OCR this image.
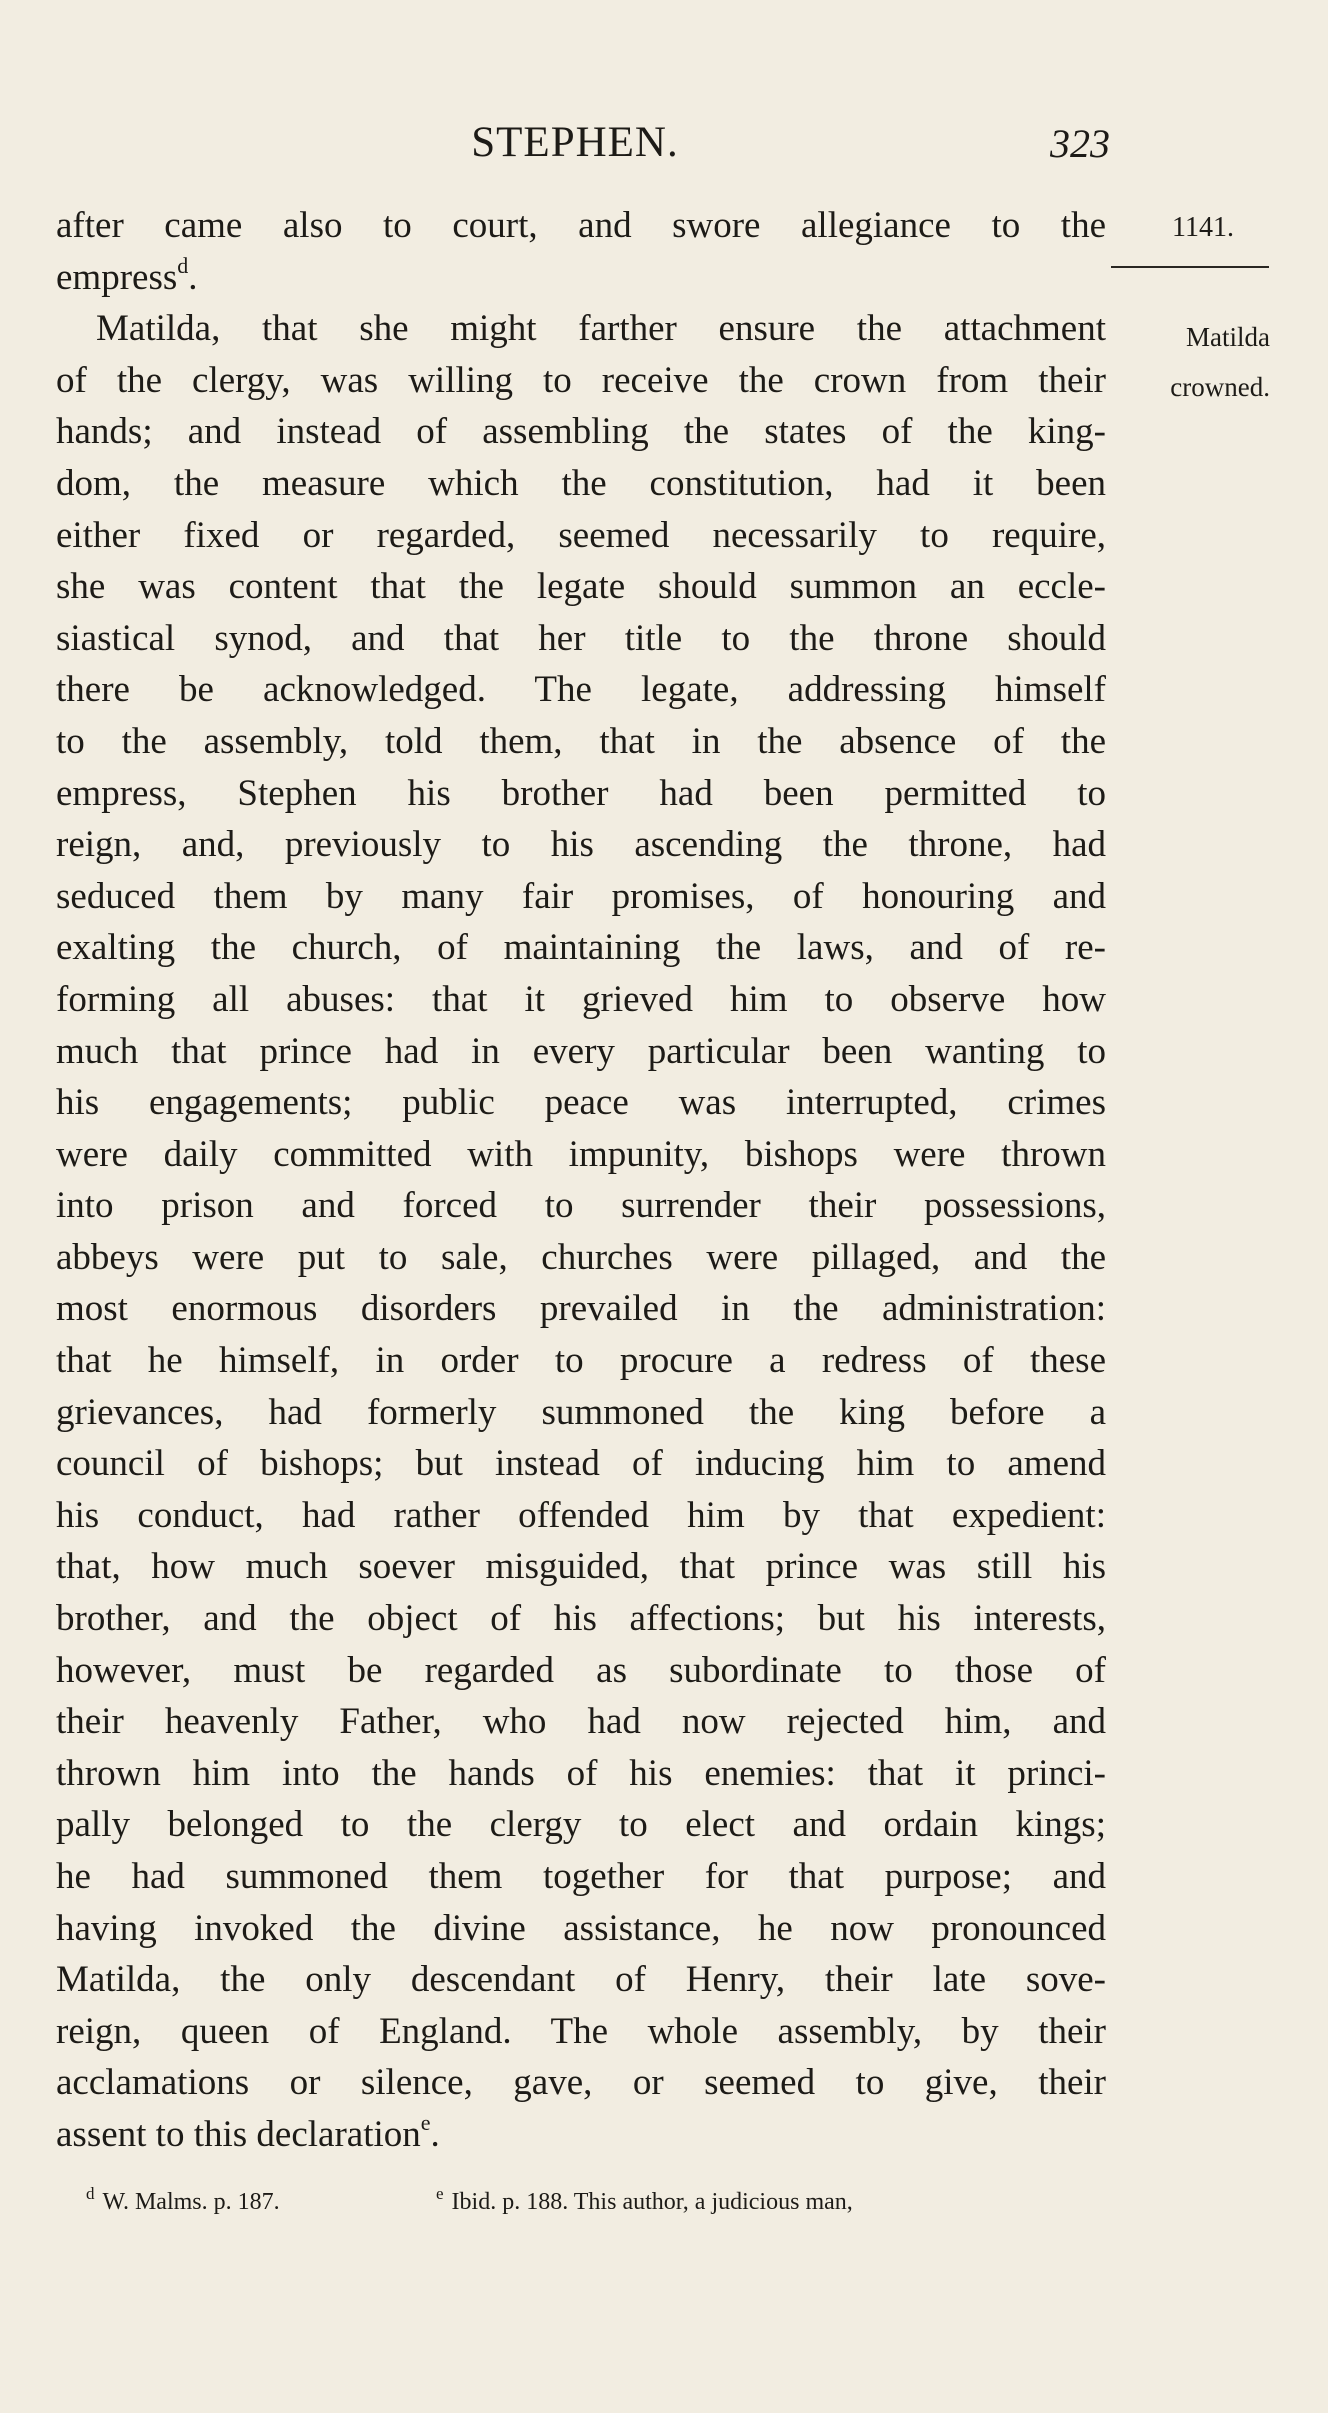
STEPHEN.	323
1141.
Matilda
crowned.
after came also to court, and swore allegiance to the
empress$^d$.
Matilda, that she might farther ensure the attachment
of the clergy, was willing to receive the crown from their
hands; and instead of assembling the states of the king-
dom, the measure which the constitution, had it been
either fixed or regarded, seemed necessarily to require,
she was content that the legate should summon an eccle-
siastical synod, and that her title to the throne should
there be acknowledged. The legate, addressing himself
to the assembly, told them, that in the absence of the
empress, Stephen his brother had been permitted to
reign, and, previously to his ascending the throne, had
seduced them by many fair promises, of honouring and
exalting the church, of maintaining the laws, and of re-
forming all abuses: that it grieved him to observe how
much that prince had in every particular been wanting to
his engagements; public peace was interrupted, crimes
were daily committed with impunity, bishops were thrown
into prison and forced to surrender their possessions,
abbeys were put to sale, churches were pillaged, and the
most enormous disorders prevailed in the administration:
that he himself, in order to procure a redress of these
grievances, had formerly summoned the king before a
council of bishops; but instead of inducing him to amend
his conduct, had rather offended him by that expedient:
that, how much soever misguided, that prince was still his
brother, and the object of his affections; but his interests,
however, must be regarded as subordinate to those of
their heavenly Father, who had now rejected him, and
thrown him into the hands of his enemies: that it princi-
pally belonged to the clergy to elect and ordain kings;
he had summoned them together for that purpose; and
having invoked the divine assistance, he now pronounced
Matilda, the only descendant of Henry, their late sove-
reign, queen of England. The whole assembly, by their
acclamations or silence, gave, or seemed to give, their
assent to this declaration$^e$.
$^d$ W. Malms. p. 187.	$^e$ Ibid. p. 188. This author, a judicious man,
